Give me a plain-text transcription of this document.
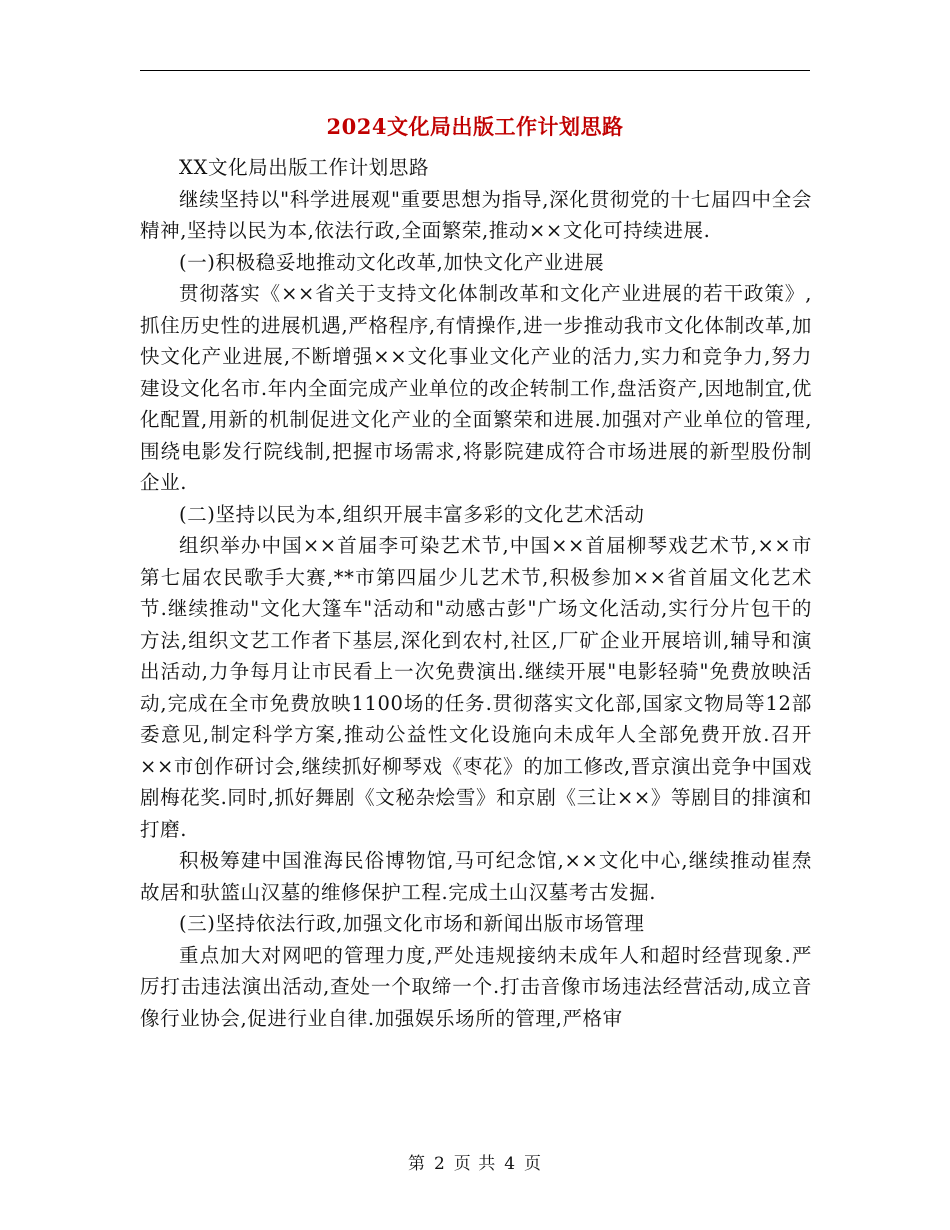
2024文化局出版工作计划思路

XX文化局出版工作计划思路

继续坚持以"科学进展观"重要思想为指导,深化贯彻党的十七届四中全会精神,坚持以民为本,依法行政,全面繁荣,推动××文化可持续进展.

(一)积极稳妥地推动文化改革,加快文化产业进展

贯彻落实《××省关于支持文化体制改革和文化产业进展的若干政策》,抓住历史性的进展机遇,严格程序,有情操作,进一步推动我市文化体制改革,加快文化产业进展,不断增强××文化事业文化产业的活力,实力和竞争力,努力建设文化名市.年内全面完成产业单位的改企转制工作,盘活资产,因地制宜,优化配置,用新的机制促进文化产业的全面繁荣和进展.加强对产业单位的管理,围绕电影发行院线制,把握市场需求,将影院建成符合市场进展的新型股份制企业.

(二)坚持以民为本,组织开展丰富多彩的文化艺术活动

组织举办中国××首届李可染艺术节,中国××首届柳琴戏艺术节,××市第七届农民歌手大赛,**市第四届少儿艺术节,积极参加××省首届文化艺术节.继续推动"文化大篷车"活动和"动感古彭"广场文化活动,实行分片包干的方法,组织文艺工作者下基层,深化到农村,社区,厂矿企业开展培训,辅导和演出活动,力争每月让市民看上一次免费演出.继续开展"电影轻骑"免费放映活动,完成在全市免费放映1100场的任务.贯彻落实文化部,国家文物局等12部委意见,制定科学方案,推动公益性文化设施向未成年人全部免费开放.召开××市创作研讨会,继续抓好柳琴戏《枣花》的加工修改,晋京演出竞争中国戏剧梅花奖.同时,抓好舞剧《文秘杂烩雪》和京剧《三让××》等剧目的排演和打磨.

积极筹建中国淮海民俗博物馆,马可纪念馆,××文化中心,继续推动崔焘故居和驮篮山汉墓的维修保护工程.完成土山汉墓考古发掘.

(三)坚持依法行政,加强文化市场和新闻出版市场管理

重点加大对网吧的管理力度,严处违规接纳未成年人和超时经营现象.严厉打击违法演出活动,查处一个取缔一个.打击音像市场违法经营活动,成立音像行业协会,促进行业自律.加强娱乐场所的管理,严格审

第 2 页 共 4 页
